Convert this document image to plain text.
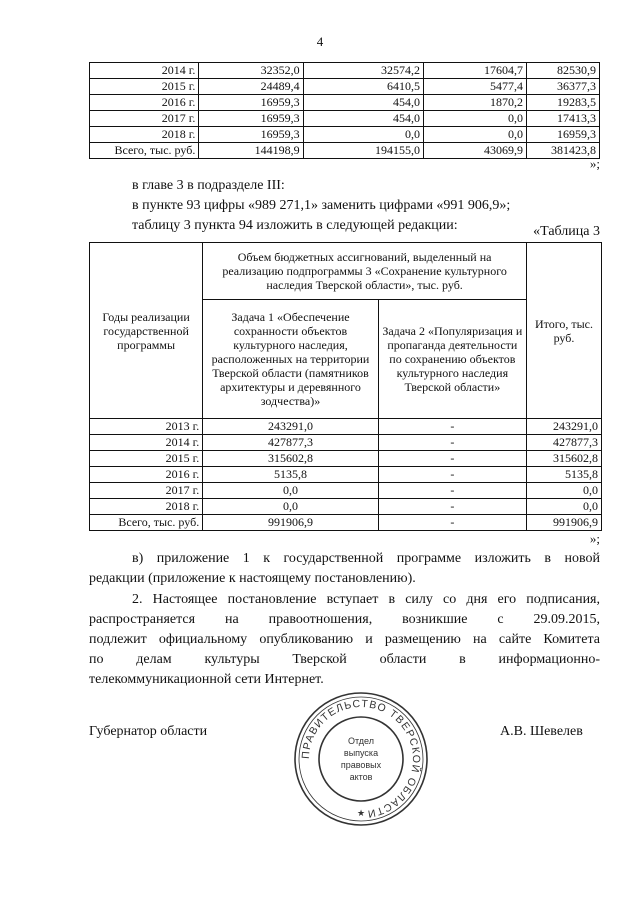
4
2014 г.	32352,0	32574,2	17604,7	82530,9
2015 г.	24489,4	6410,5	5477,4	36377,3
2016 г.	16959,3	454,0	1870,2	19283,5
2017 г.	16959,3	454,0	0,0	17413,3
2018 г.	16959,3	0,0	0,0	16959,3
Всего, тыс. руб.	144198,9	194155,0	43069,9	381423,8
»;
в главе 3 в подразделе III:
в пункте 93 цифры «989 271,1» заменить цифрами «991 906,9»;
таблицу 3 пункта 94 изложить в следующей редакции:	«Таблица 3
Годы реализации государственной программы	Объем бюджетных ассигнований, выделенный на реализацию подпрограммы 3 «Сохранение культурного наследия Тверской области», тыс. руб.		Итого, тыс. руб.
	Задача 1 «Обеспечение сохранности объектов культурного наследия, расположенных на территории Тверской области (памятников архитектуры и деревянного зодчества)»	Задача 2 «Популяризация и пропаганда деятельности по сохранению объектов культурного наследия Тверской области»	
2013 г.	243291,0	-	243291,0
2014 г.	427877,3	-	427877,3
2015 г.	315602,8	-	315602,8
2016 г.	5135,8	-	5135,8
2017 г.	0,0	-	0,0
2018 г.	0,0	-	0,0
Всего, тыс. руб.	991906,9	-	991906,9
»;
в) приложение 1 к государственной программе изложить в новой
редакции (приложение к настоящему постановлению).
2. Настоящее постановление вступает в силу со дня его подписания,
распространяется на правоотношения, возникшие с 29.09.2015,
подлежит официальному опубликованию и размещению на сайте Комитета
по делам культуры Тверской области в информационно-
телекоммуникационной сети Интернет.
Губернатор области	А.В. Шевелев
ПРАВИТЕЛЬСТВО ТВЕРСКОЙ ОБЛАСТИ
Отдел
выпуска
правовых
актов
★
